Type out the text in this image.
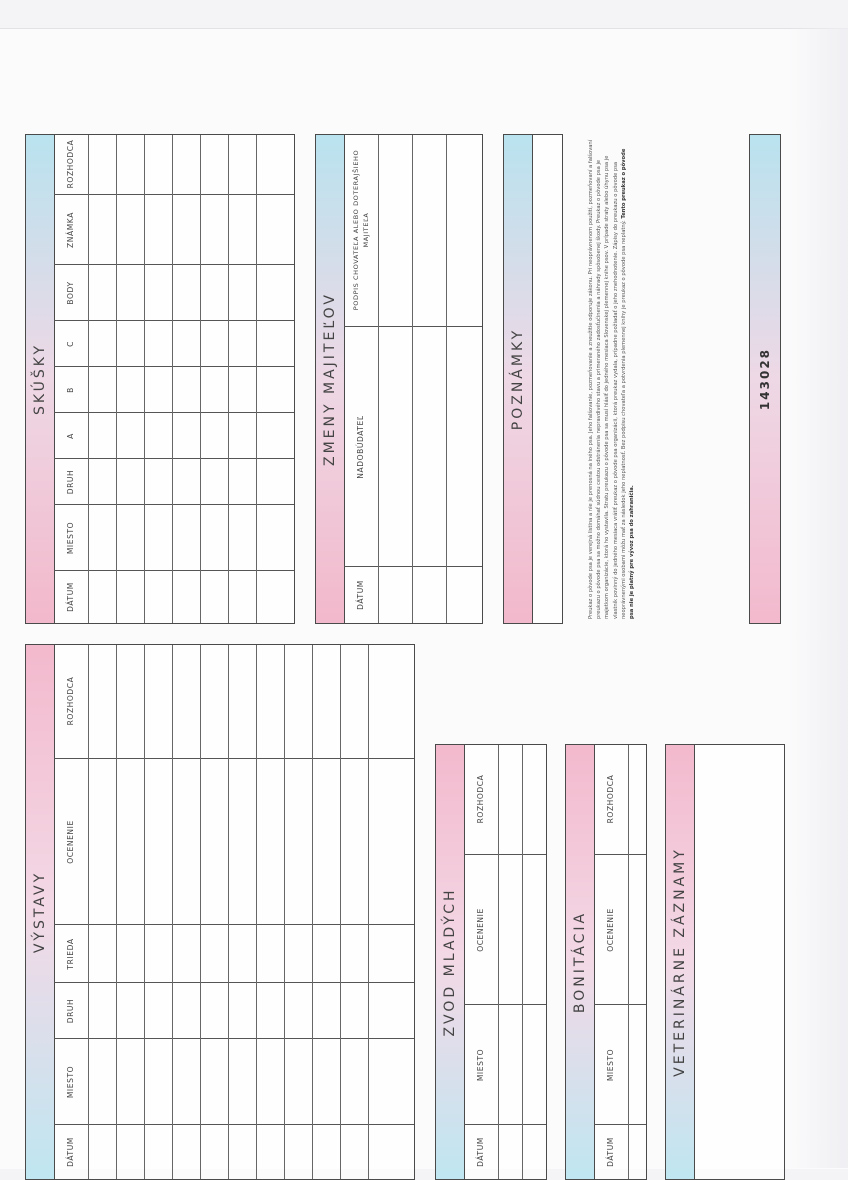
VÝSTAVY
DÁTUM
MIESTO
DRUH
TRIEDA
OCENENIE
ROZHODCA
ZVOD MLADÝCH
DÁTUM
MIESTO
OCENENIE
ROZHODCA
BONITÁCIA
DÁTUM
MIESTO
OCENENIE
ROZHODCA
VETERINÁRNE ZÁZNAMY
SKÚŠKY
DÁTUM
MIESTO
DRUH
A
B
C
BODY
ZNÁMKA
ROZHODCA
ZMENY MAJITEĽOV
DÁTUM
NADOBÚDATEĽ
PODPIS CHOVATEĽA ALEBO DOTERAJŠIEHO MAJITEĽA
POZNÁMKY	Preukaz o pôvode psa je verejná listina a nie je prenosná na iného psa. Jeho falšovanie, pozmeňovanie a zneužitie odporuje zákonu. Pri neoprávnenom použití, pozmeňovaní a falšovaní preukazu o pôvode psa sa možno domáhať súdnou cestou odstránenia nepravdivého stavu a primeraného zadosťučinenia a náhrady spôsobenej škody. Preukaz o pôvode psa je majetkom organizácie, ktorá ho vystavila. Stratu preukazu o pôvode psa sa musí hlásiť do jedného mesiaca Slovenskej plemennej knihe psov. V prípade straty alebo úhynu psa je vlastník povinný do jedného mesiaca vrátiť preukaz o pôvode psa organizácii, ktorá preukaz vydala, prípadne požiadať o jeho znehodnotenie. Zápisy do preukazu o pôvode psa neoprávnenými osobami môžu mať za následok jeho neplatnosť. Bez podpisu chovateľa a potvrdenia plemennej knihy je preukaz o pôvode psa neplatný. Tento preukaz o pôvode psa nie je platný pre vývoz psa do zahraničia.
143028
